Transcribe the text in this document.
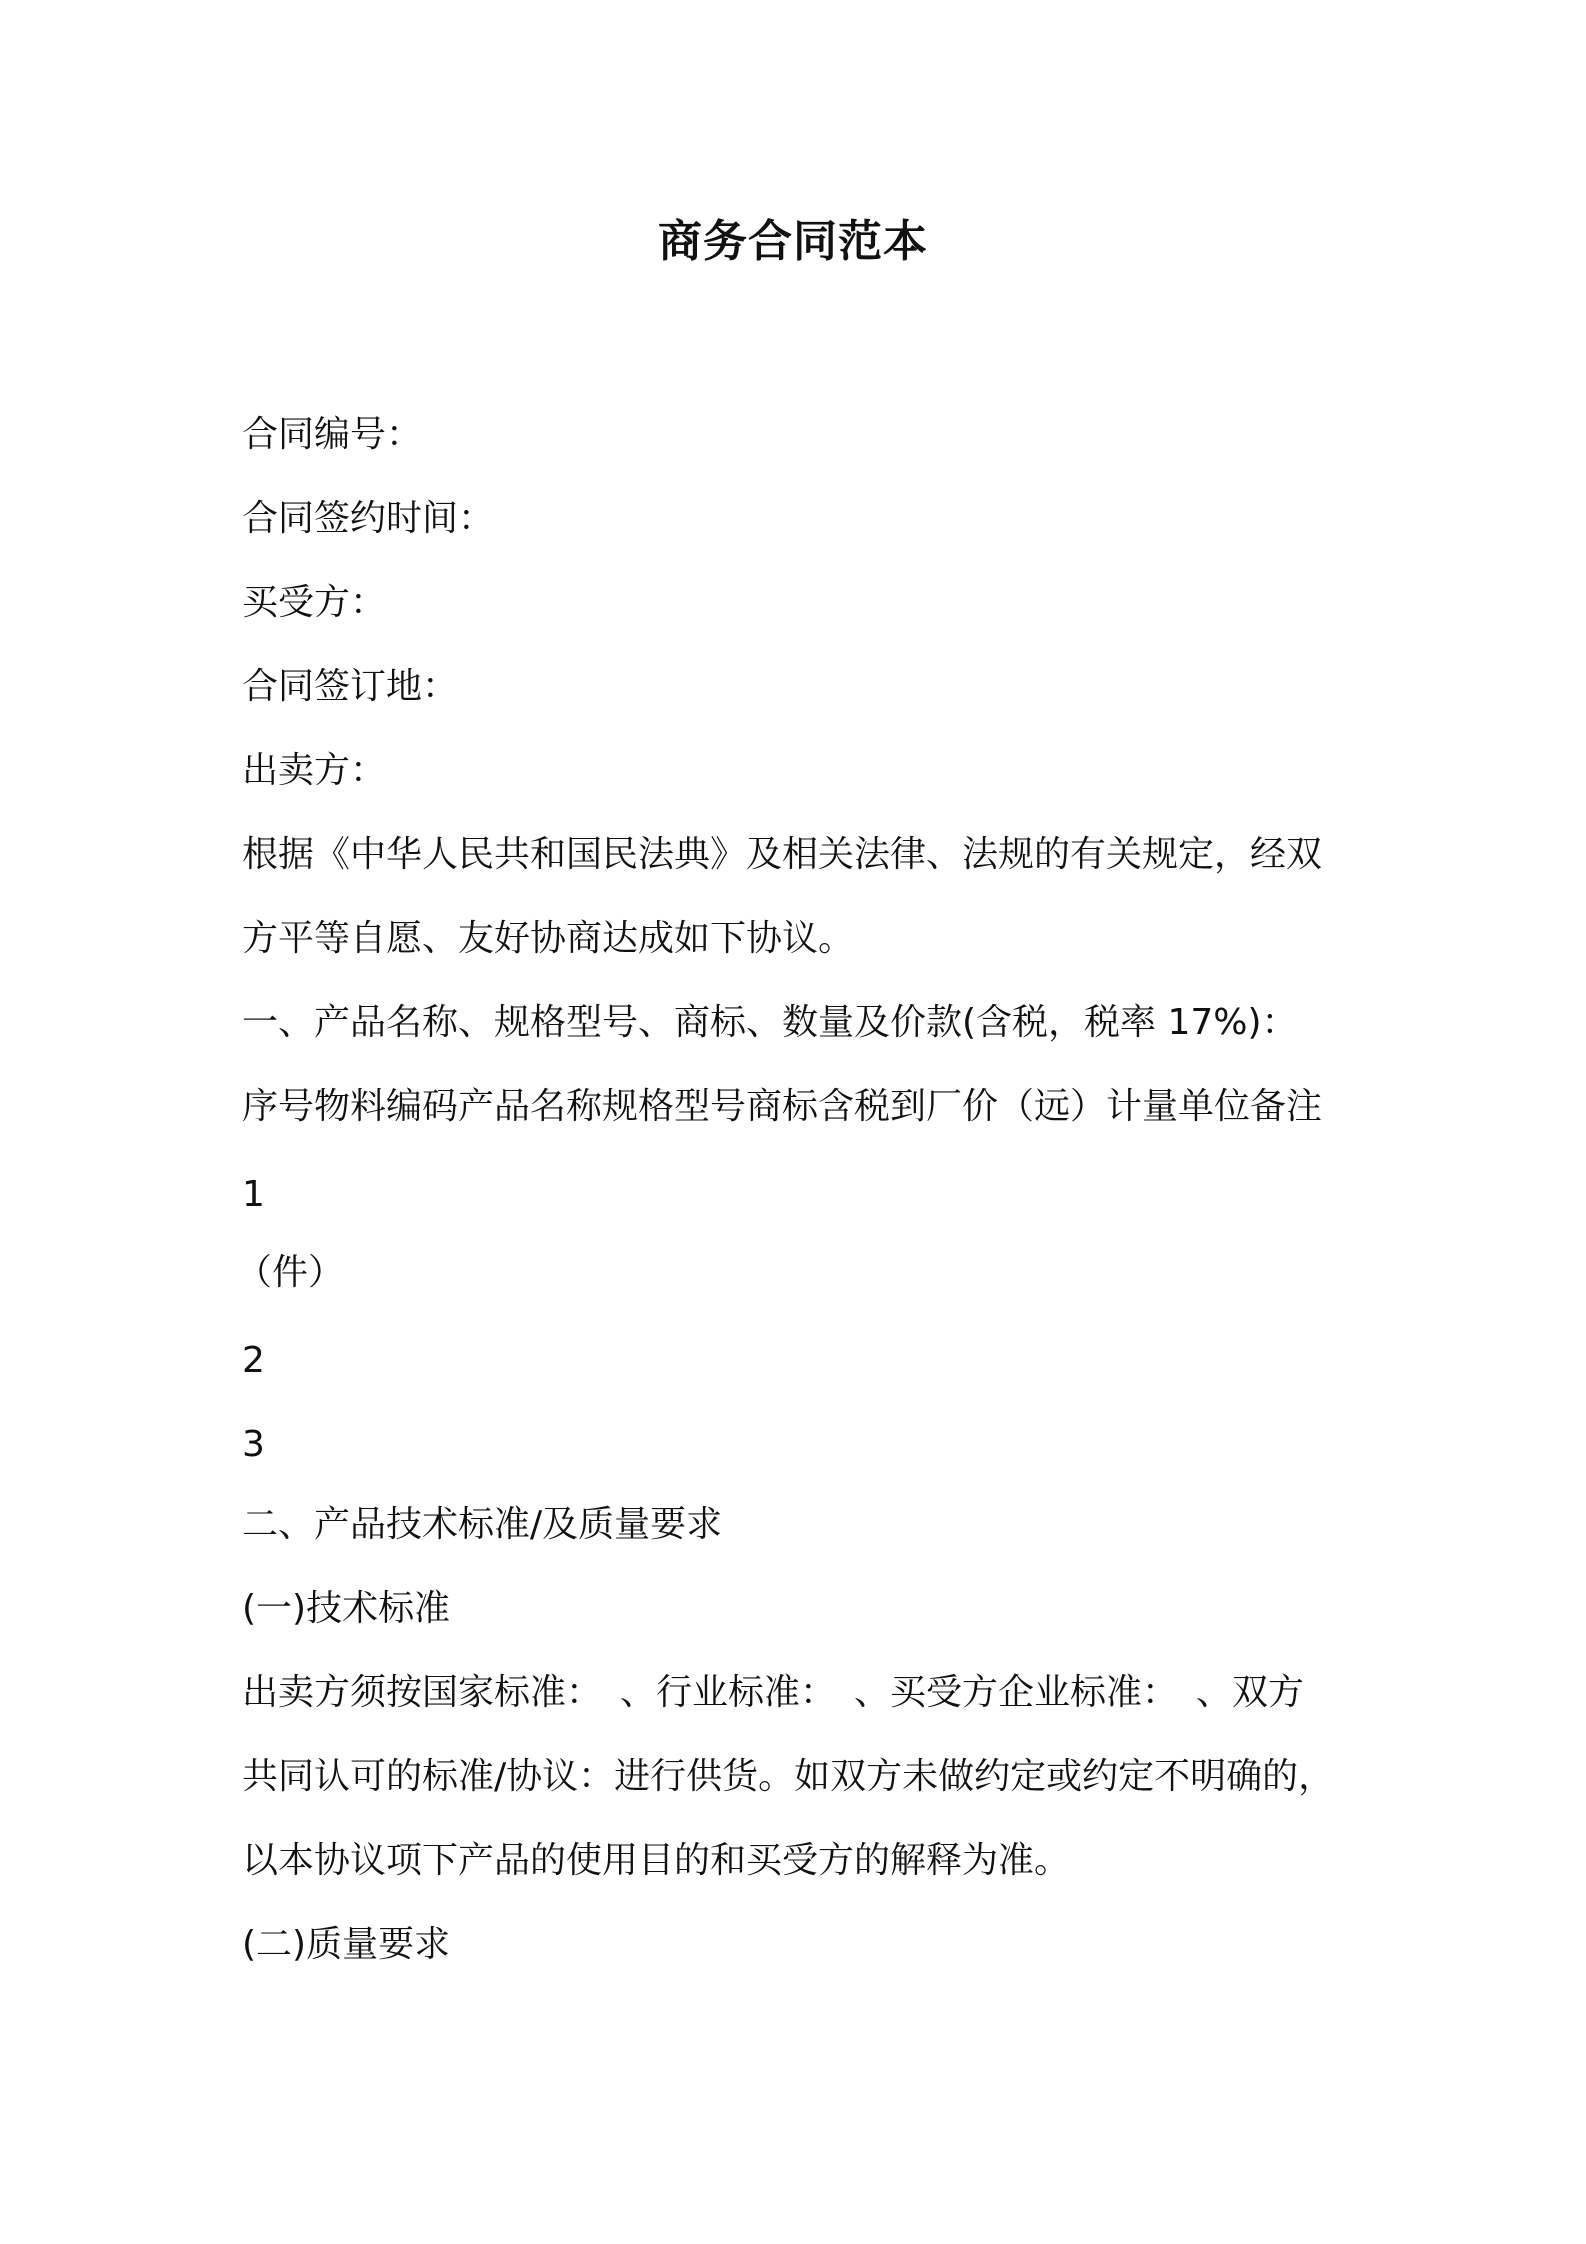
商务合同范本
合同编号：
合同签约时间：
买受方：
合同签订地：
出卖方：
根据《中华人民共和国民法典》及相关法律、法规的有关规定，经双
方平等自愿、友好协商达成如下协议。
一、产品名称、规格型号、商标、数量及价款(含税，税率 17%)：
序号物料编码产品名称规格型号商标含税到厂价（远）计量单位备注
1
（件）
2
3
二、产品技术标准/及质量要求
(一)技术标准
出卖方须按国家标准：　、行业标准：　、买受方企业标准：　、双方
共同认可的标准/协议：进行供货。如双方未做约定或约定不明确的，
以本协议项下产品的使用目的和买受方的解释为准。
(二)质量要求
